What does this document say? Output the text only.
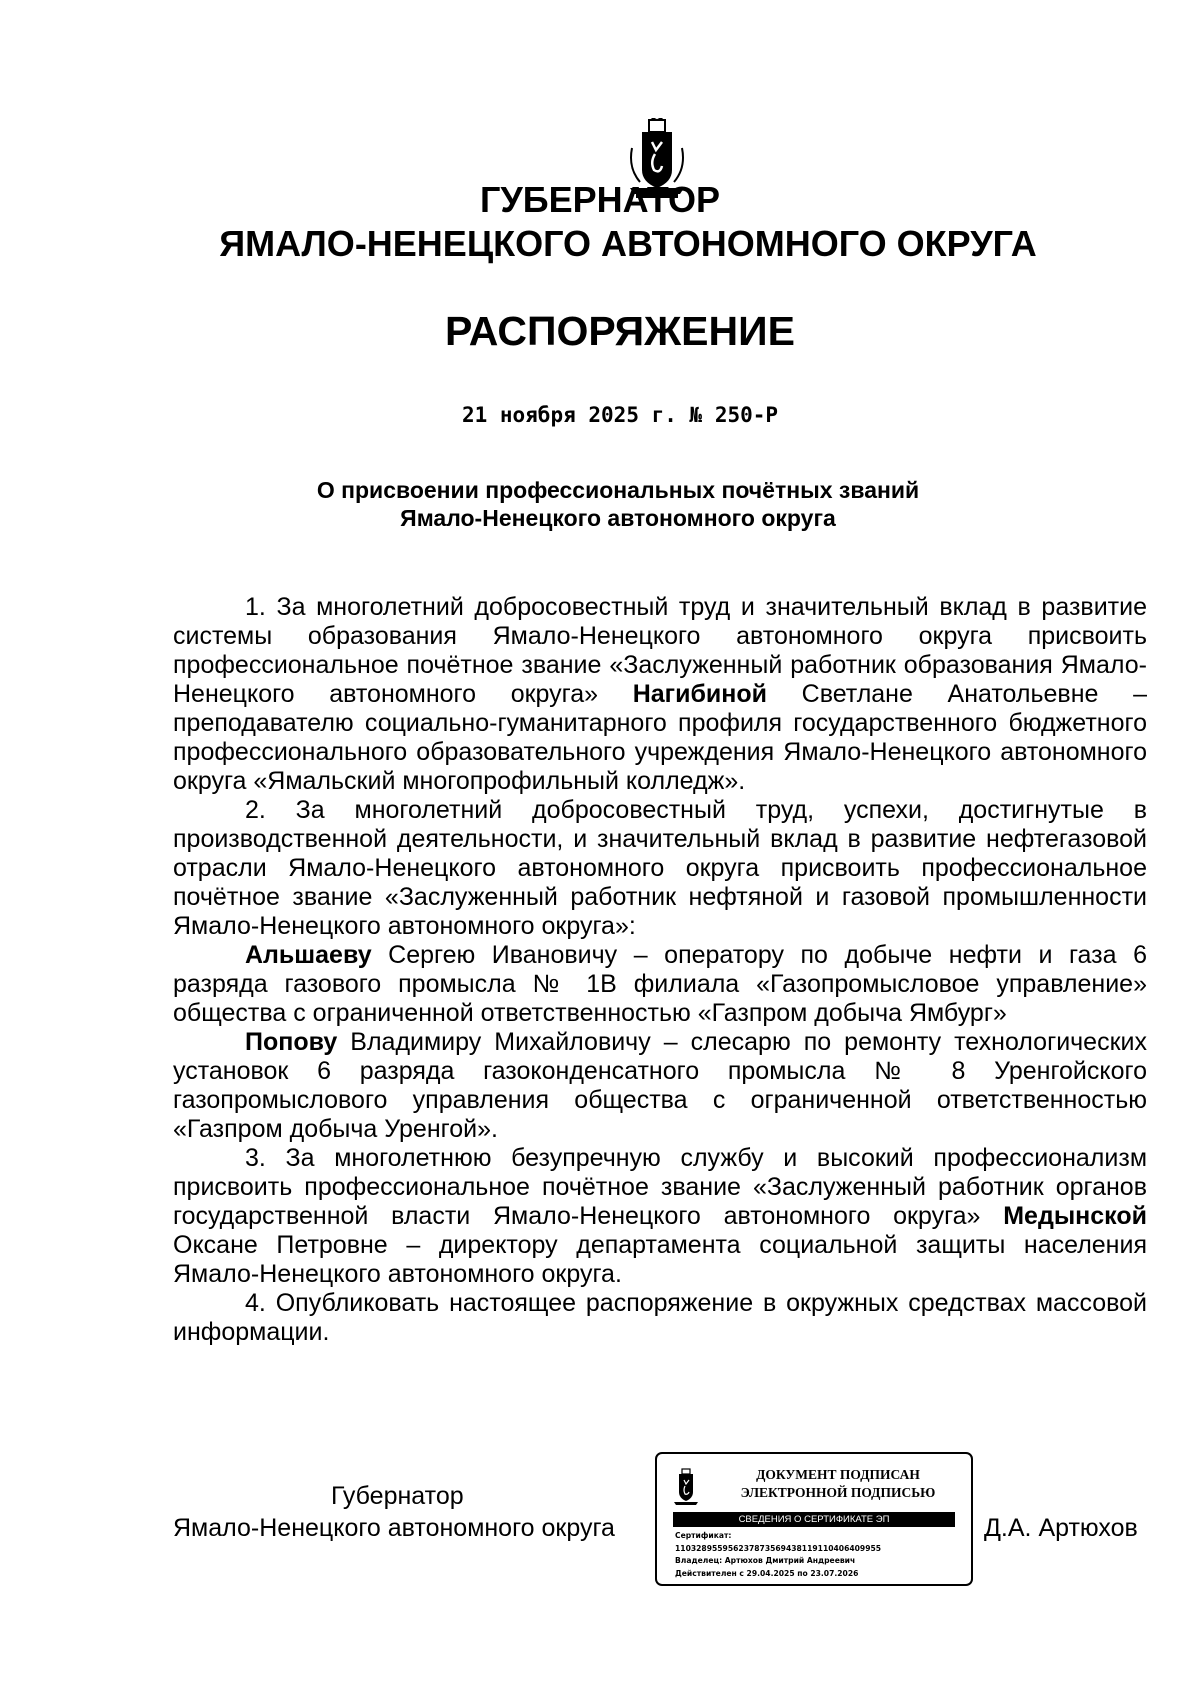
ГУБЕРНАТОР
ЯМАЛО-НЕНЕЦКОГО АВТОНОМНОГО ОКРУГА
РАСПОРЯЖЕНИЕ
21 ноября 2025 г. № 250-Р
О присвоении профессиональных почётных званий
Ямало-Ненецкого автономного округа

1. За многолетний добросовестный труд и значительный вклад в развитие системы образования Ямало-Ненецкого автономного округа присвоить профессиональное почётное звание «Заслуженный работник образования Ямало-Ненецкого автономного округа» Нагибиной Светлане Анатольевне – преподавателю социально-гуманитарного профиля государственного бюджетного профессионального образовательного учреждения Ямало-Ненецкого автономного округа «Ямальский многопрофильный колледж».

2. За многолетний добросовестный труд, успехи, достигнутые в производственной деятельности, и значительный вклад в развитие нефтегазовой отрасли Ямало-Ненецкого автономного округа присвоить профессиональное почётное звание «Заслуженный работник нефтяной и газовой промышленности Ямало-Ненецкого автономного округа»:

Альшаеву Сергею Ивановичу – оператору по добыче нефти и газа 6 разряда газового промысла № 1В филиала «Газопромысловое управление» общества с ограниченной ответственностью «Газпром добыча Ямбург»

Попову Владимиру Михайловичу – слесарю по ремонту технологических установок 6 разряда газоконденсатного промысла № 8 Уренгойского газопромыслового управления общества с ограниченной ответственностью «Газпром добыча Уренгой».

3. За многолетнюю безупречную службу и высокий профессионализм присвоить профессиональное почётное звание «Заслуженный работник органов государственной власти Ямало-Ненецкого автономного округа» Медынской Оксане Петровне – директору департамента социальной защиты населения Ямало-Ненецкого автономного округа.

4. Опубликовать настоящее распоряжение в окружных средствах массовой информации.

Губернатор
Ямало-Ненецкого автономного округа
ДОКУМЕНТ ПОДПИСАН
ЭЛЕКТРОННОЙ ПОДПИСЬЮ
СВЕДЕНИЯ О СЕРТИФИКАТЕ ЭП
Сертификат:
110328955956237873569438119110406409955
Владелец: Артюхов Дмитрий Андреевич
Действителен с 29.04.2025 по 23.07.2026
Д.А. Артюхов
